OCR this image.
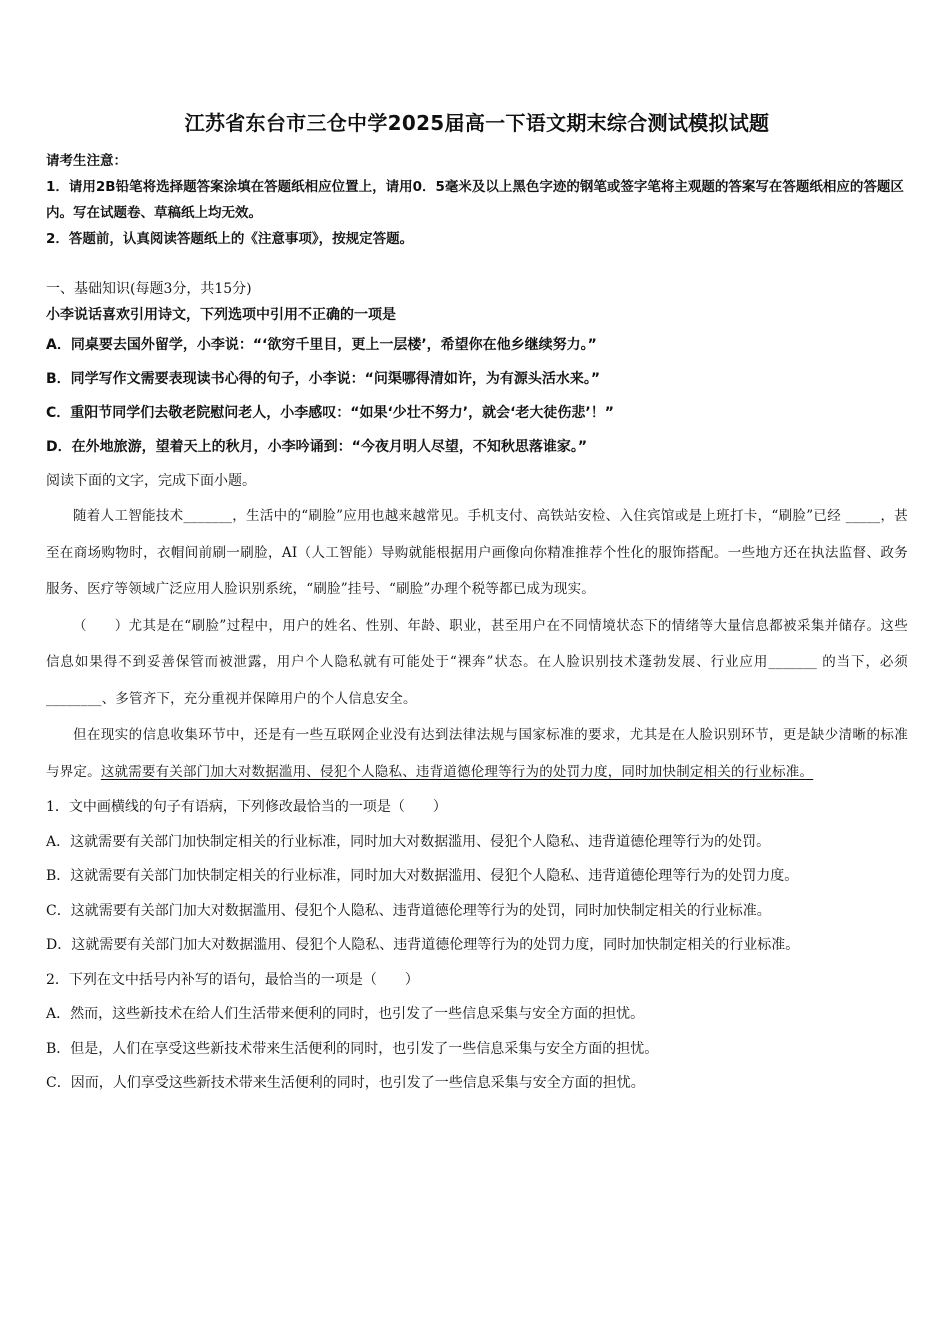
江苏省东台市三仓中学2025届高一下语文期末综合测试模拟试题

请考生注意：

1．请用2B铅笔将选择题答案涂填在答题纸相应位置上，请用0．5毫米及以上黑色字迹的钢笔或签字笔将主观题的答案写在答题纸相应的答题区内。写在试题卷、草稿纸上均无效。

2．答题前，认真阅读答题纸上的《注意事项》，按规定答题。

一、基础知识(每题3分，共15分)

小李说话喜欢引用诗文，下列选项中引用不正确的一项是

A．同桌要去国外留学，小李说：“‘欲穷千里目，更上一层楼’，希望你在他乡继续努力。”

B．同学写作文需要表现读书心得的句子，小李说：“问渠哪得清如许，为有源头活水来。”

C．重阳节同学们去敬老院慰问老人，小李感叹：“如果‘少壮不努力’，就会‘老大徒伤悲’！”

D．在外地旅游，望着天上的秋月，小李吟诵到：“今夜月明人尽望，不知秋思落谁家。”

阅读下面的文字，完成下面小题。

随着人工智能技术_______，生活中的“刷脸”应用也越来越常见。手机支付、高铁站安检、入住宾馆或是上班打卡，“刷脸”已经 _____，甚至在商场购物时，衣帽间前刷一刷脸，AI（人工智能）导购就能根据用户画像向你精准推荐个性化的服饰搭配。一些地方还在执法监督、政务服务、医疗等领域广泛应用人脸识别系统，“刷脸”挂号、“刷脸”办理个税等都已成为现实。

（　　）尤其是在“刷脸”过程中，用户的姓名、性别、年龄、职业，甚至用户在不同情境状态下的情绪等大量信息都被采集并储存。这些信息如果得不到妥善保管而被泄露，用户个人隐私就有可能处于“裸奔”状态。在人脸识别技术蓬勃发展、行业应用_______ 的当下，必须________、多管齐下，充分重视并保障用户的个人信息安全。

但在现实的信息收集环节中，还是有一些互联网企业没有达到法律法规与国家标准的要求，尤其是在人脸识别环节，更是缺少清晰的标准与界定。这就需要有关部门加大对数据滥用、侵犯个人隐私、违背道德伦理等行为的处罚力度，同时加快制定相关的行业标准。

1．文中画横线的句子有语病，下列修改最恰当的一项是（　　）

A．这就需要有关部门加快制定相关的行业标准，同时加大对数据滥用、侵犯个人隐私、违背道德伦理等行为的处罚。

B．这就需要有关部门加快制定相关的行业标准，同时加大对数据滥用、侵犯个人隐私、违背道德伦理等行为的处罚力度。

C．这就需要有关部门加大对数据滥用、侵犯个人隐私、违背道德伦理等行为的处罚，同时加快制定相关的行业标准。

D．这就需要有关部门加大对数据滥用、侵犯个人隐私、违背道德伦理等行为的处罚力度，同时加快制定相关的行业标准。

2．下列在文中括号内补写的语句，最恰当的一项是（　　）

A．然而，这些新技术在给人们生活带来便利的同时，也引发了一些信息采集与安全方面的担忧。

B．但是，人们在享受这些新技术带来生活便利的同时，也引发了一些信息采集与安全方面的担忧。

C．因而，人们享受这些新技术带来生活便利的同时，也引发了一些信息采集与安全方面的担忧。
